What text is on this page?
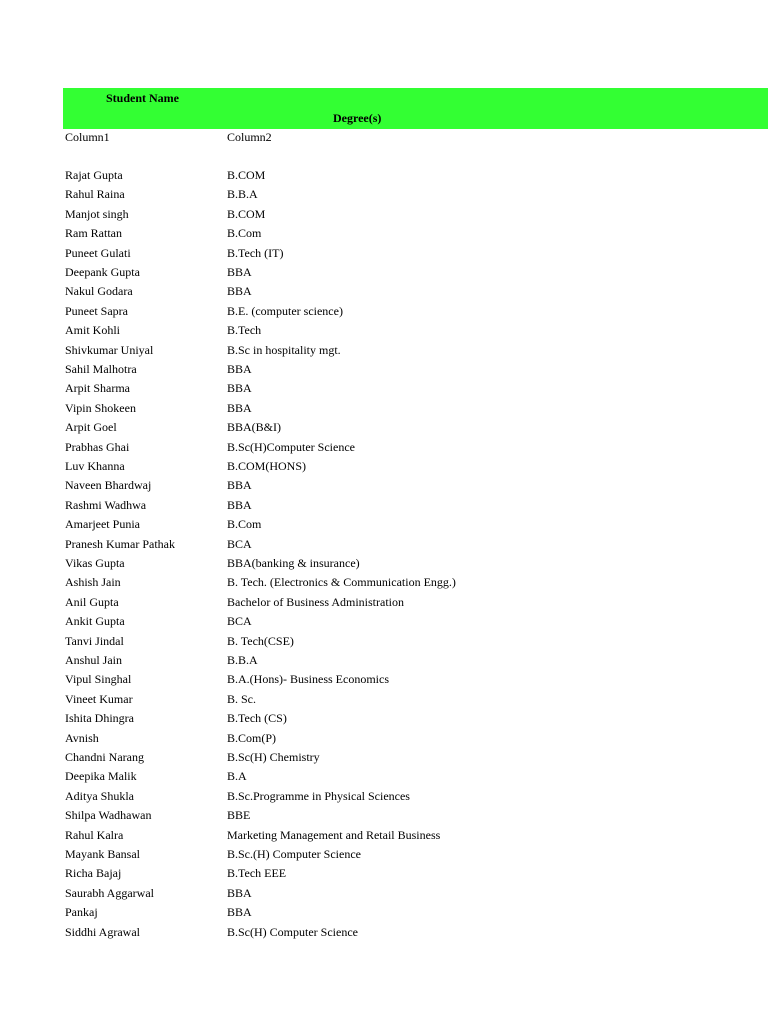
Student Name
Degree(s)
Column1	Column2
Rajat Gupta	B.COM
Rahul Raina	B.B.A
Manjot singh	B.COM
Ram Rattan	B.Com
Puneet Gulati	B.Tech (IT)
Deepank Gupta	BBA
Nakul Godara	BBA
Puneet Sapra	B.E. (computer science)
Amit Kohli	B.Tech
Shivkumar Uniyal	B.Sc in hospitality mgt.
Sahil Malhotra	BBA
Arpit Sharma	BBA
Vipin Shokeen	BBA
Arpit Goel	BBA(B&I)
Prabhas Ghai	B.Sc(H)Computer Science
Luv Khanna	B.COM(HONS)
Naveen Bhardwaj	BBA
Rashmi Wadhwa	BBA
Amarjeet Punia	B.Com
Pranesh Kumar Pathak	BCA
Vikas Gupta	BBA(banking & insurance)
Ashish Jain	B. Tech. (Electronics & Communication Engg.)
Anil Gupta	Bachelor of Business Administration
Ankit Gupta	BCA
Tanvi Jindal	B. Tech(CSE)
Anshul Jain	B.B.A
Vipul Singhal	B.A.(Hons)- Business Economics
Vineet Kumar	B. Sc.
Ishita Dhingra	B.Tech (CS)
Avnish	B.Com(P)
Chandni Narang	B.Sc(H) Chemistry
Deepika Malik	B.A
Aditya Shukla	B.Sc.Programme in Physical Sciences
Shilpa Wadhawan	BBE
Rahul Kalra	Marketing Management and Retail Business
Mayank Bansal	B.Sc.(H) Computer Science
Richa Bajaj	B.Tech EEE
Saurabh Aggarwal	BBA
Pankaj	BBA
Siddhi Agrawal	B.Sc(H) Computer Science
